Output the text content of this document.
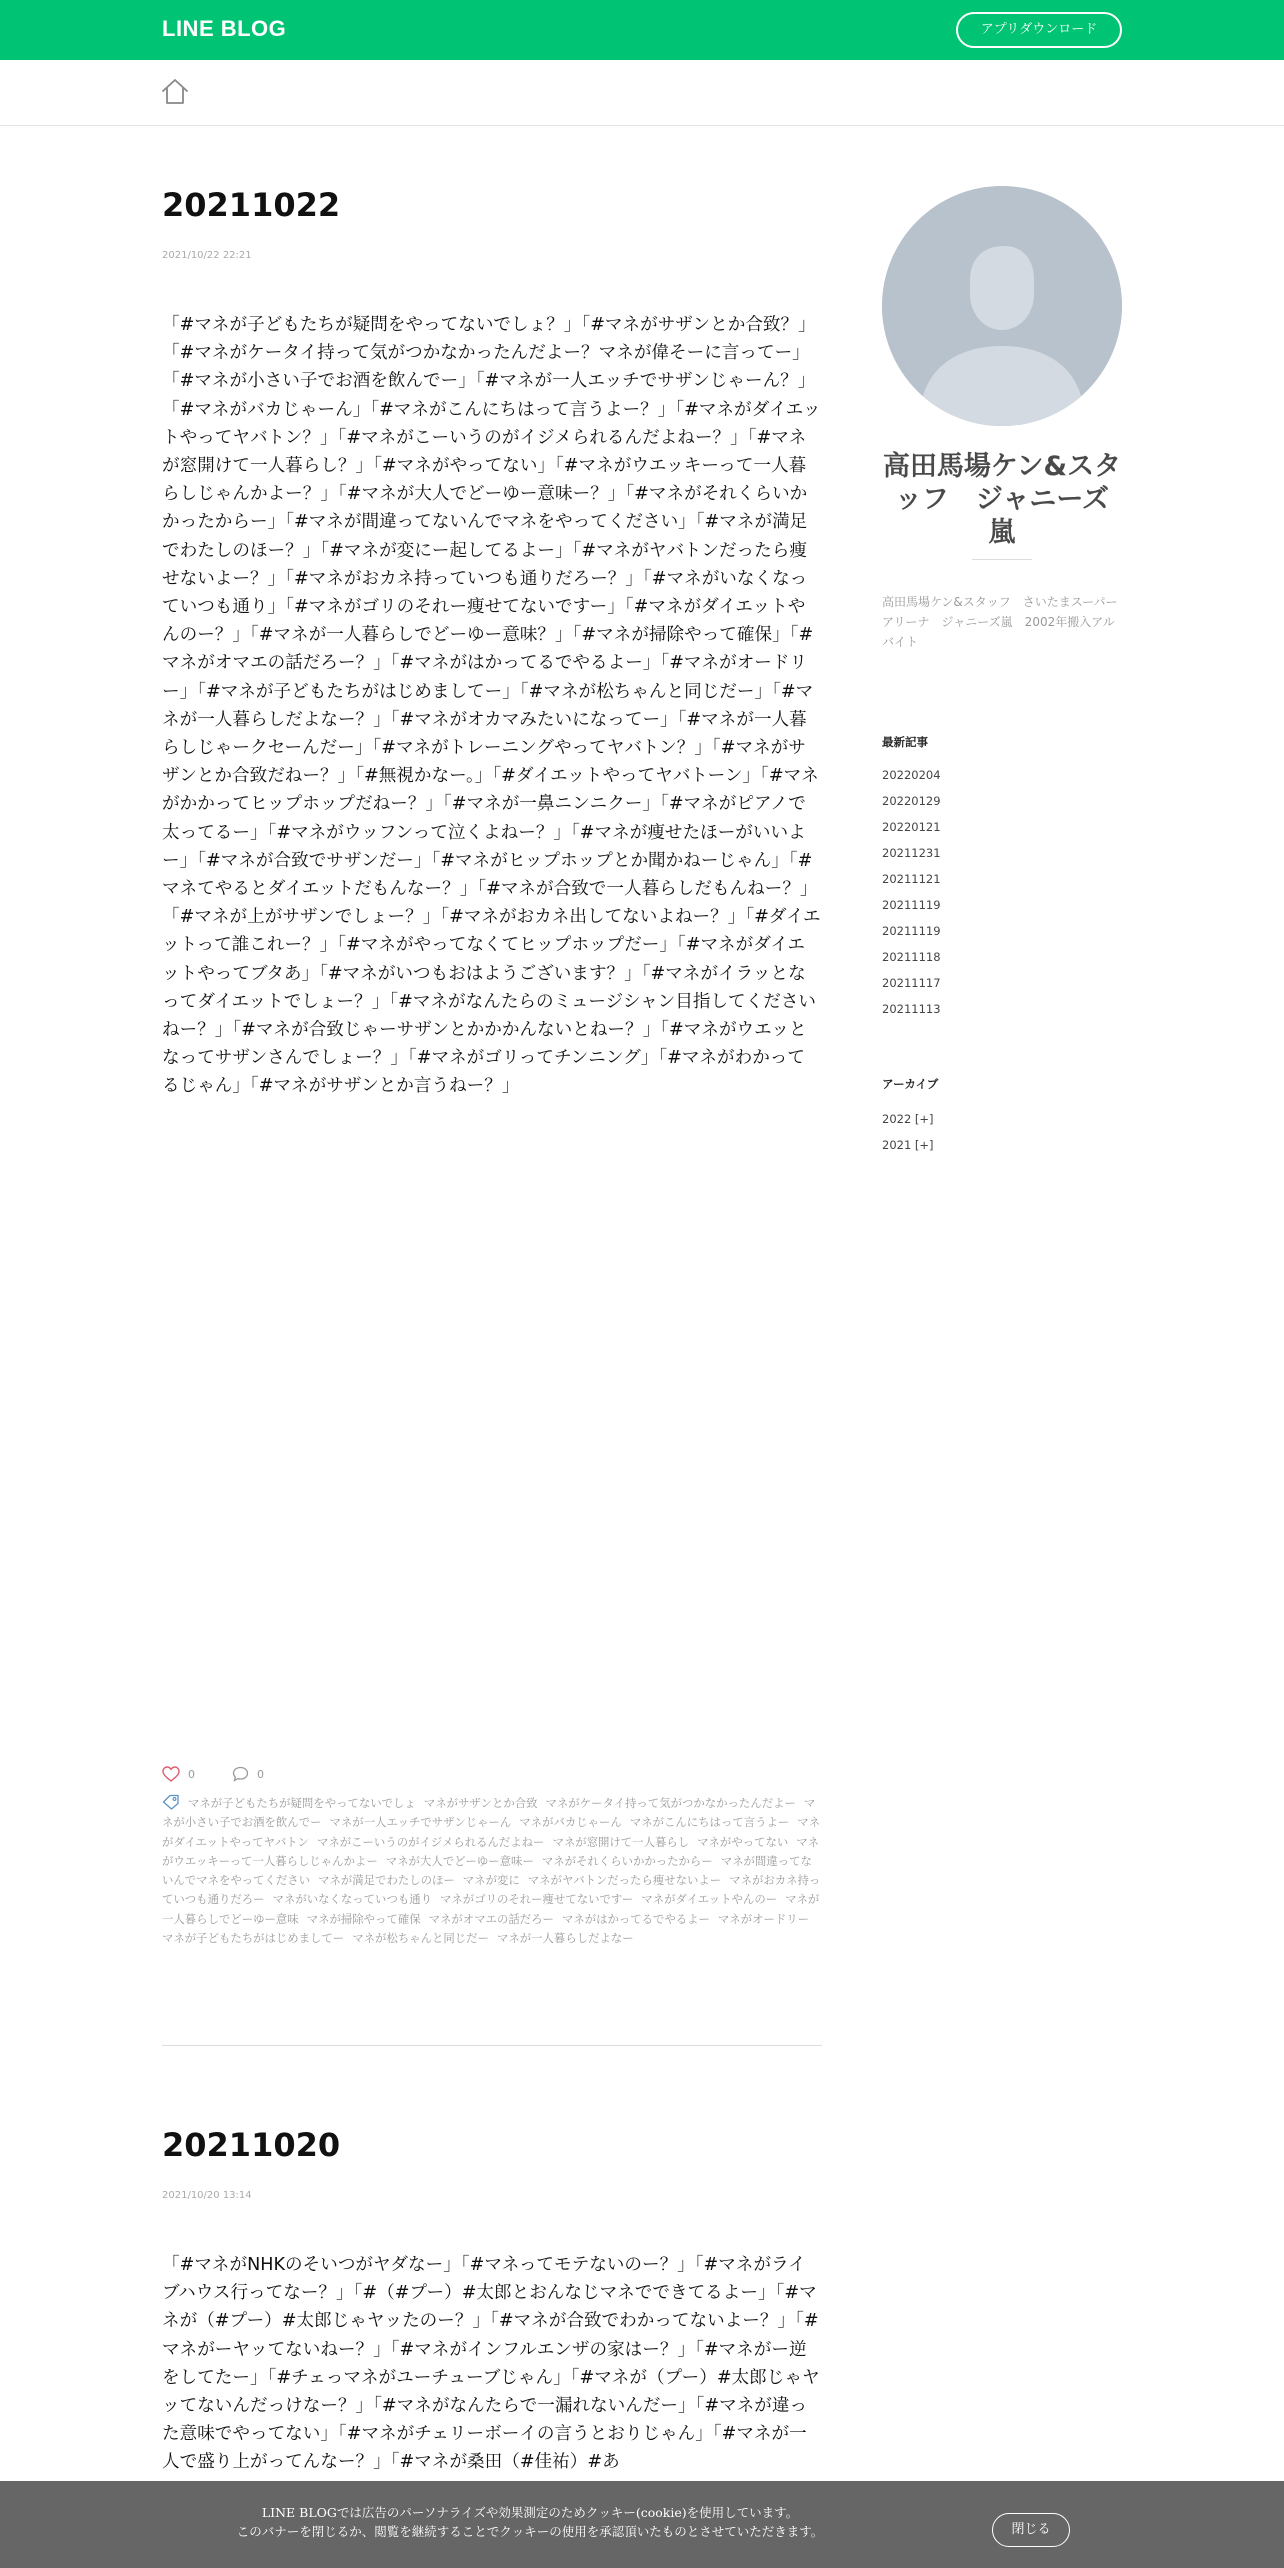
LINE BLOG	アプリダウンロード
20211022
2021/10/22 22:21
「#マネが子どもたちが疑問をやってないでしょ？」「#マネがサザンとか合致？」「#マネがケータイ持って気がつかなかったんだよー？マネが偉そーに言ってー」「#マネが小さい子でお酒を飲んでー」「#マネが一人エッチでサザンじゃーん？」「#マネがバカじゃーん」「#マネがこんにちはって言うよー？」「#マネがダイエットやってヤバトン？」「#マネがこーいうのがイジメられるんだよねー？」「#マネが窓開けて一人暮らし？」「#マネがやってない」「#マネがウエッキーって一人暮らしじゃんかよー？」「#マネが大人でどーゆー意味ー？」「#マネがそれくらいかかったからー」「#マネが間違ってないんでマネをやってください」「#マネが満足でわたしのほー？」「#マネが変にー起してるよー」「#マネがヤバトンだったら痩せないよー？」「#マネがおカネ持っていつも通りだろー？」「#マネがいなくなっていつも通り」「#マネがゴリのそれー痩せてないですー」「#マネがダイエットやんのー？」「#マネが一人暮らしでどーゆー意味？」「#マネが掃除やって確保」「#マネがオマエの話だろー？」「#マネがはかってるでやるよー」「#マネがオードリー」「#マネが子どもたちがはじめましてー」「#マネが松ちゃんと同じだー」「#マネが一人暮らしだよなー？」「#マネがオカマみたいになってー」「#マネが一人暮らしじゃークセーんだー」「#マネがトレーニングやってヤバトン？」「#マネがサザンとか合致だねー？」「#無視かなー。」「#ダイエットやってヤバトーン」「#マネがかかってヒップホップだねー？」「#マネが一鼻ニンニクー」「#マネがピアノで太ってるー」「#マネがウッフンって泣くよねー？」「#マネが痩せたほーがいいよー」「#マネが合致でサザンだー」「#マネがヒップホップとか聞かねーじゃん」「#マネてやるとダイエットだもんなー？」「#マネが合致で一人暮らしだもんねー？」「#マネが上がサザンでしょー？」「#マネがおカネ出してないよねー？」「#ダイエットって誰これー？」「#マネがやってなくてヒップホップだー」「#マネがダイエットやってブタあ」「#マネがいつもおはようございます？」「#マネがイラッとなってダイエットでしょー？」「#マネがなんたらのミュージシャン目指してくださいねー？」「#マネが合致じゃーサザンとかかかんないとねー？」「#マネがウエッとなってサザンさんでしょー？」「#マネがゴリってチンニング」「#マネがわかってるじゃん」「#マネがサザンとか言うねー？」
0	0
マネが子どもたちが疑問をやってないでしょ マネがサザンとか合致 マネがケータイ持って気がつかなかったんだよー マネが小さい子でお酒を飲んでー マネが一人エッチでサザンじゃーん マネがバカじゃーん マネがこんにちはって言うよー マネがダイエットやってヤバトン マネがこーいうのがイジメられるんだよねー マネが窓開けて一人暮らし マネがやってない マネがウエッキーって一人暮らしじゃんかよー マネが大人でどーゆー意味ー マネがそれくらいかかったからー マネが間違ってないんでマネをやってください マネが満足でわたしのほー マネが変に マネがヤバトンだったら痩せないよー マネがおカネ持っていつも通りだろー マネがいなくなっていつも通り マネがゴリのそれー痩せてないですー マネがダイエットやんのー マネが一人暮らしでどーゆー意味 マネが掃除やって確保 マネがオマエの話だろー マネがはかってるでやるよー マネがオードリーマネが子どもたちがはじめましてー マネが松ちゃんと同じだー マネが一人暮らしだよなー
20211020
2021/10/20 13:14
「#マネがNHKのそいつがヤダなー」「#マネってモテないのー？」「#マネがライブハウス行ってなー？」「#（#プー）#太郎とおんなじマネでできてるよー」「#マネが（#プー）#太郎じゃヤッたのー？」「#マネが合致でわかってないよー？」「#マネがーヤッてないねー？」「#マネがインフルエンザの家はー？」「#マネがー逆をしてたー」「#チェっマネがユーチューブじゃん」「#マネが（プー）#太郎じゃヤッてないんだっけなー？」「#マネがなんたらで一漏れないんだー」「#マネが違った意味でやってない」「#マネがチェリーボーイの言うとおりじゃん」「#マネが一人で盛り上がってんなー？」「#マネが桑田（#佳祐）#あ
高田馬場ケン&スタッフ　ジャニーズ嵐
高田馬場ケン&スタッフ　さいたまスーパーアリーナ　ジャニーズ嵐　2002年搬入アルバイト
最新記事
20220204
20220129
20220121
20211231
20211121
20211119
20211119
20211118
20211117
20211113
アーカイブ
2022 [+]
2021 [+]
LINE BLOGでは広告のパーソナライズや効果測定のためクッキー(cookie)を使用しています。
このバナーを閉じるか、閲覧を継続することでクッキーの使用を承認頂いたものとさせていただきます。	閉じる
